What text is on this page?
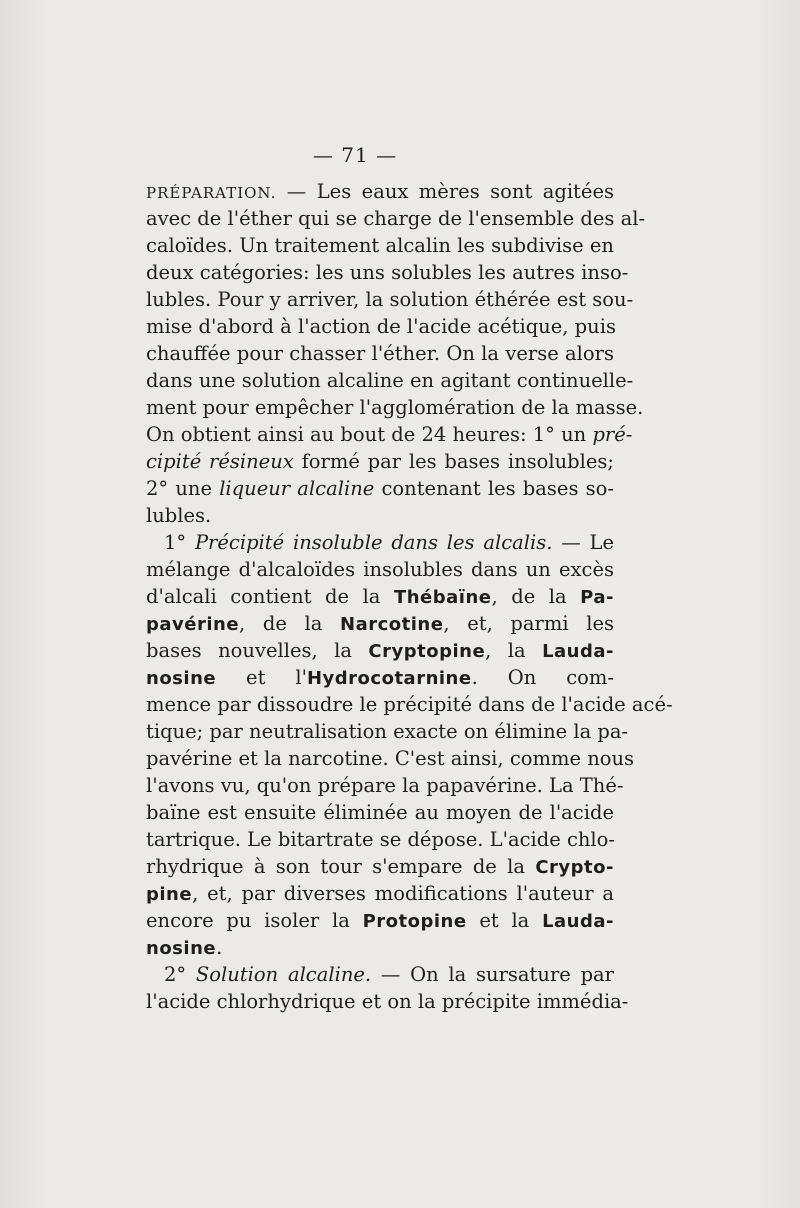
— 71 —
PRÉPARATION. — Les eaux mères sont agitées
avec de l'éther qui se charge de l'ensemble des al-
caloïdes. Un traitement alcalin les subdivise en
deux catégories: les uns solubles les autres inso-
lubles. Pour y arriver, la solution éthérée est sou-
mise d'abord à l'action de l'acide acétique, puis
chauffée pour chasser l'éther. On la verse alors
dans une solution alcaline en agitant continuelle-
ment pour empêcher l'agglomération de la masse.
On obtient ainsi au bout de 24 heures: 1° un pré-
cipité résineux formé par les bases insolubles;
2° une liqueur alcaline contenant les bases so-
lubles.
1° Précipité insoluble dans les alcalis. — Le
mélange d'alcaloïdes insolubles dans un excès
d'alcali contient de la Thébaïne, de la Pa-
pavérine, de la Narcotine, et, parmi les
bases nouvelles, la Cryptopine, la Lauda-
nosine et l'Hydrocotarnine. On com-
mence par dissoudre le précipité dans de l'acide acé-
tique; par neutralisation exacte on élimine la pa-
pavérine et la narcotine. C'est ainsi, comme nous
l'avons vu, qu'on prépare la papavérine. La Thé-
baïne est ensuite éliminée au moyen de l'acide
tartrique. Le bitartrate se dépose. L'acide chlo-
rhydrique à son tour s'empare de la Crypto-
pine, et, par diverses modifications l'auteur a
encore pu isoler la Protopine et la Lauda-
nosine.
2° Solution alcaline. — On la sursature par
l'acide chlorhydrique et on la précipite immédia-
